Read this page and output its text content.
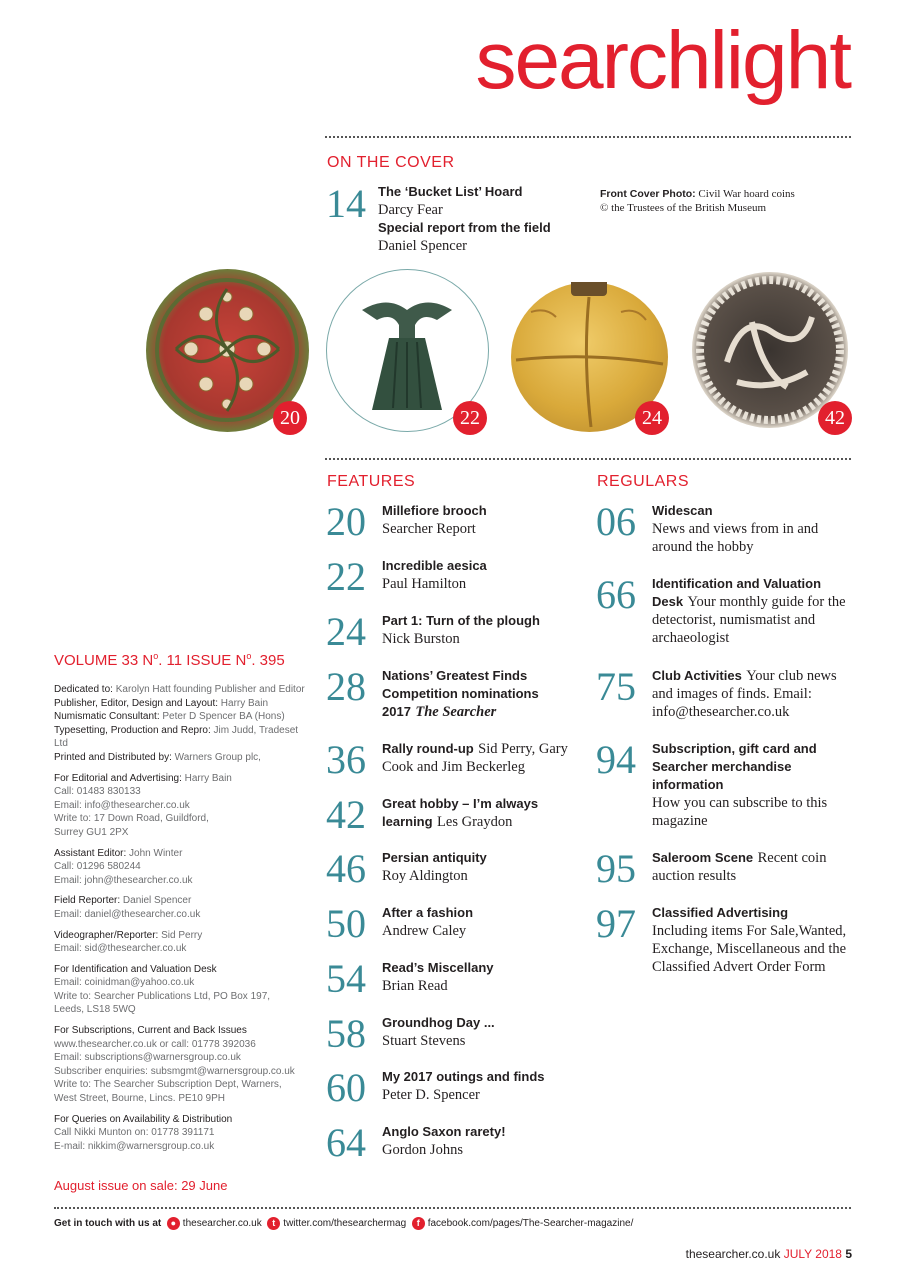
searchlight
ON THE COVER
14 The ‘Bucket List’ Hoard
Darcy Fear
Special report from the field
Daniel Spencer
Front Cover Photo: Civil War hoard coins
© the Trustees of the British Museum
20	22	24	42
FEATURES
20 Millefiore brooch
Searcher Report
22 Incredible aesica
Paul Hamilton
24 Part 1: Turn of the plough
Nick Burston
28 Nations’ Greatest Finds Competition nominations 2017 The Searcher
36 Rally round-up Sid Perry, Gary Cook and Jim Beckerleg
42 Great hobby – I’m always learning Les Graydon
46 Persian antiquity
Roy Aldington
50 After a fashion
Andrew Caley
54 Read’s Miscellany
Brian Read
58 Groundhog Day ...
Stuart Stevens
60 My 2017 outings and finds
Peter D. Spencer
64 Anglo Saxon rarety!
Gordon Johns
REGULARS
06 Widescan
News and views from in and around the hobby
66 Identification and Valuation Desk Your monthly guide for the detectorist, numismatist and archaeologist
75 Club Activities Your club news and images of finds. Email: info@thesearcher.co.uk
94 Subscription, gift card and Searcher merchandise information
How you can subscribe to this magazine
95 Saleroom Scene Recent coin auction results
97 Classified Advertising
Including items For Sale,Wanted, Exchange, Miscellaneous and the Classified Advert Order Form
VOLUME 33 $N^o$. 11 ISSUE $N^o$. 395

Dedicated to: Karolyn Hatt founding Publisher and Editor
Publisher, Editor, Design and Layout: Harry Bain
Numismatic Consultant: Peter D Spencer BA (Hons)
Typesetting, Production and Repro: Jim Judd, Tradeset Ltd
Printed and Distributed by: Warners Group plc,

For Editorial and Advertising: Harry Bain
Call: 01483 830133
Email: info@thesearcher.co.uk
Write to: 17 Down Road, Guildford,
Surrey GU1 2PX

Assistant Editor: John Winter
Call: 01296 580244
Email: john@thesearcher.co.uk

Field Reporter: Daniel Spencer
Email: daniel@thesearcher.co.uk

Videographer/Reporter: Sid Perry
Email: sid@thesearcher.co.uk

For Identification and Valuation Desk
Email: coinidman@yahoo.co.uk
Write to: Searcher Publications Ltd, PO Box 197,
Leeds, LS18 5WQ

For Subscriptions, Current and Back Issues
www.thesearcher.co.uk or call: 01778 392036
Email: subscriptions@warnersgroup.co.uk
Subscriber enquiries: subsmgmt@warnersgroup.co.uk
Write to: The Searcher Subscription Dept, Warners,
West Street, Bourne, Lincs. PE10 9PH

For Queries on Availability & Distribution
Call Nikki Munton on: 01778 391171
E-mail: nikkim@warnersgroup.co.uk

August issue on sale: 29 June
Get in touch with us at ● thesearcher.co.uk t twitter.com/thesearchermag f facebook.com/pages/The-Searcher-magazine/
thesearcher.co.uk JULY 2018 5
